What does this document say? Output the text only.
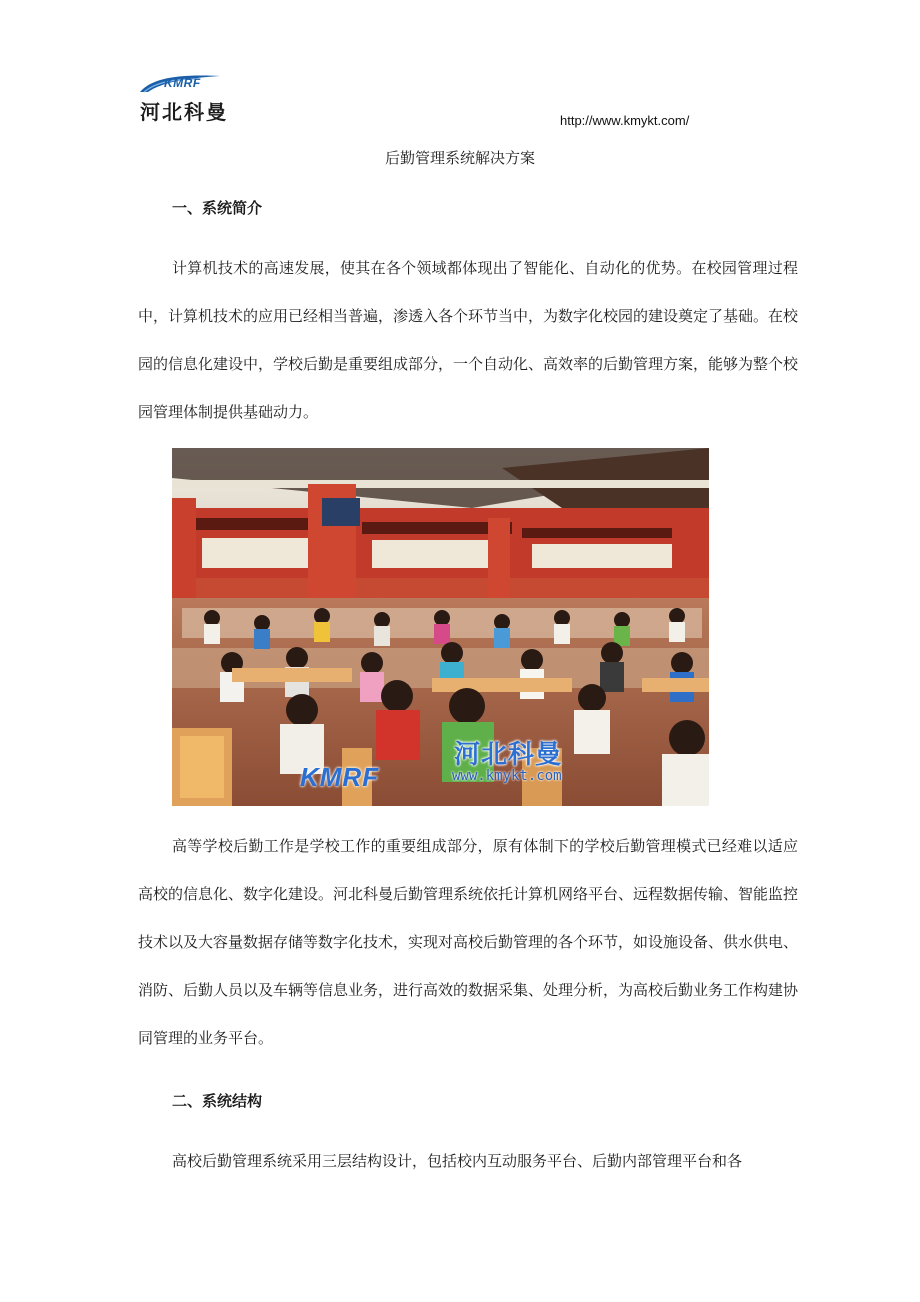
KMRF
河北科曼	http://www.kmykt.com/
后勤管理系统解决方案
一、系统简介

计算机技术的高速发展，使其在各个领域都体现出了智能化、自动化的优势。在校园管理过程中，计算机技术的应用已经相当普遍，渗透入各个环节当中，为数字化校园的建设奠定了基础。在校园的信息化建设中，学校后勤是重要组成部分，一个自动化、高效率的后勤管理方案，能够为整个校园管理体制提供基础动力。

河北科曼
KMRF	www.kmykt.com

高等学校后勤工作是学校工作的重要组成部分，原有体制下的学校后勤管理模式已经难以适应高校的信息化、数字化建设。河北科曼后勤管理系统依托计算机网络平台、远程数据传输、智能监控技术以及大容量数据存储等数字化技术，实现对高校后勤管理的各个环节，如设施设备、供水供电、消防、后勤人员以及车辆等信息业务，进行高效的数据采集、处理分析，为高校后勤业务工作构建协同管理的业务平台。

二、系统结构

高校后勤管理系统采用三层结构设计，包括校内互动服务平台、后勤内部管理平台和各
